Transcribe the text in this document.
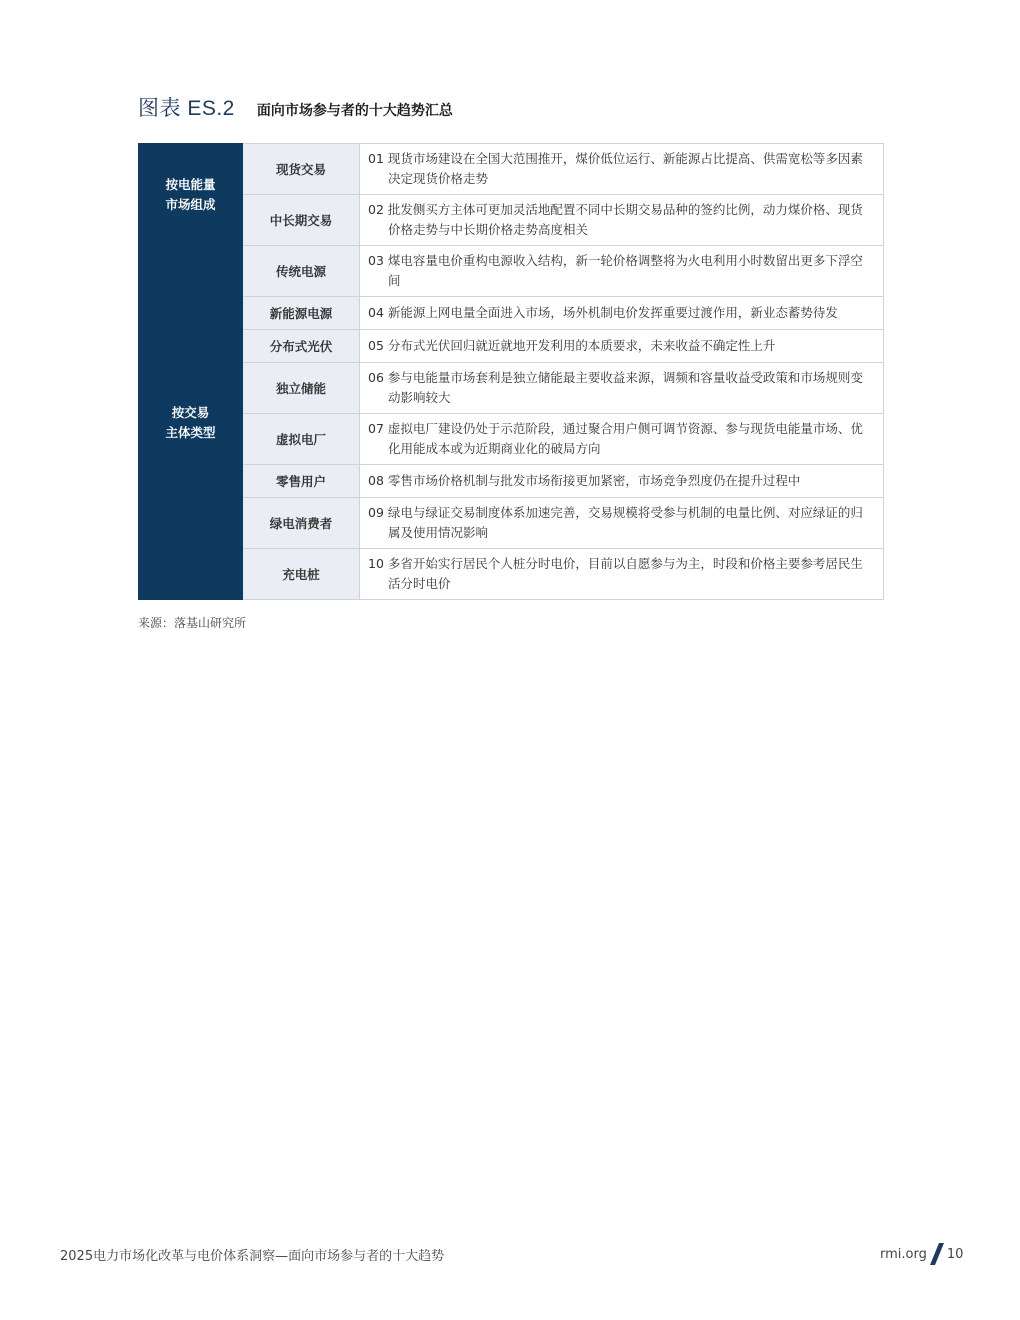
图表 ES.2 面向市场参与者的十大趋势汇总
按电能量
市场组成	现货交易	01 现货市场建设在全国大范围推开，煤价低位运行、新能源占比提高、供需宽松等多因素决定现货价格走势

	中长期交易	02 批发侧买方主体可更加灵活地配置不同中长期交易品种的签约比例，动力煤价格、现货价格走势与中长期价格走势高度相关

按交易
主体类型	传统电源	03 煤电容量电价重构电源收入结构，新一轮价格调整将为火电利用小时数留出更多下浮空间

	新能源电源	04 新能源上网电量全面进入市场，场外机制电价发挥重要过渡作用，新业态蓄势待发

	分布式光伏	05 分布式光伏回归就近就地开发利用的本质要求，未来收益不确定性上升

	独立储能	06 参与电能量市场套利是独立储能最主要收益来源，调频和容量收益受政策和市场规则变动影响较大

	虚拟电厂	07 虚拟电厂建设仍处于示范阶段，通过聚合用户侧可调节资源、参与现货电能量市场、优化用能成本或为近期商业化的破局方向

	零售用户	08 零售市场价格机制与批发市场衔接更加紧密，市场竞争烈度仍在提升过程中

	绿电消费者	09 绿电与绿证交易制度体系加速完善，交易规模将受参与机制的电量比例、对应绿证的归属及使用情况影响

	充电桩	10 多省开始实行居民个人桩分时电价，目前以自愿参与为主，时段和价格主要参考居民生活分时电价
来源：落基山研究所
2025电力市场化改革与电价体系洞察—面向市场参与者的十大趋势	rmi.org 10
